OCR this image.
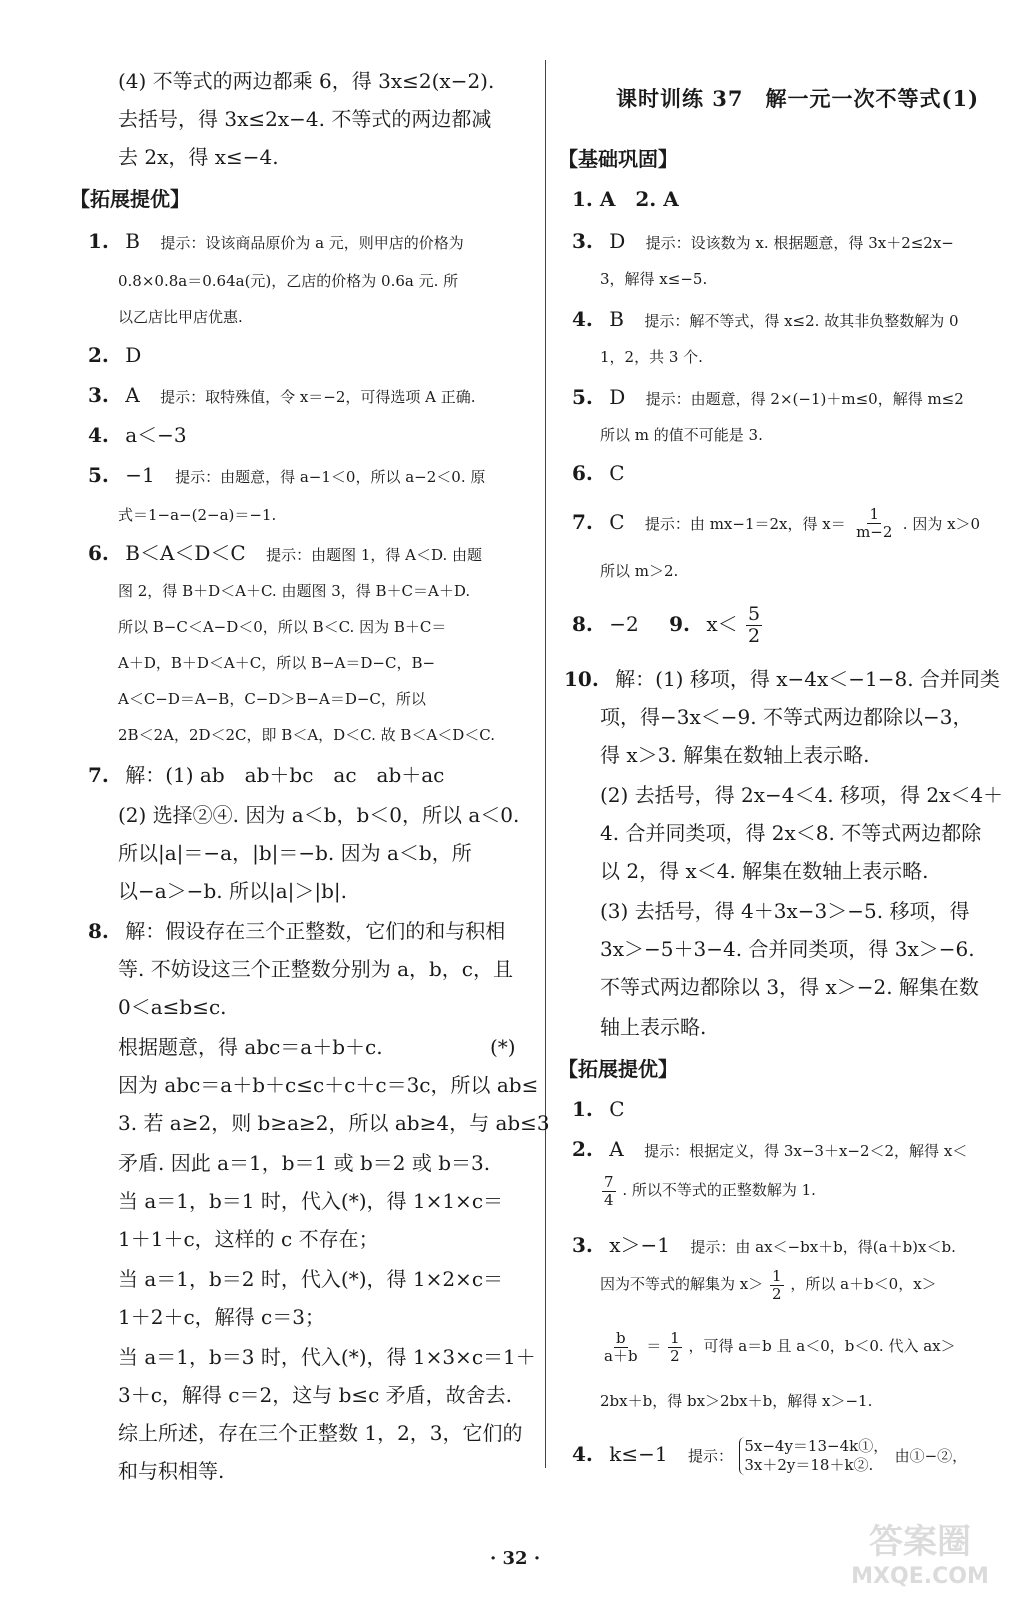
(4) 不等式的两边都乘 6，得 3x≤2(x−2).
去括号，得 3x≤2x−4. 不等式的两边都减
去 2x，得 x≤−4.
【拓展提优】
1. B 提示：设该商品原价为 a 元，则甲店的价格为
0.8×0.8a＝0.64a(元)，乙店的价格为 0.6a 元. 所
以乙店比甲店优惠.
2. D
3. A 提示：取特殊值，令 x＝−2，可得选项 A 正确.
4. a＜−3
5. −1 提示：由题意，得 a−1＜0，所以 a−2＜0. 原
式＝1−a−(2−a)＝−1.
6. B＜A＜D＜C 提示：由题图 1，得 A＜D. 由题
图 2，得 B＋D＜A＋C. 由题图 3，得 B＋C＝A＋D.
所以 B−C＜A−D＜0，所以 B＜C. 因为 B＋C＝
A＋D，B＋D＜A＋C，所以 B−A＝D−C，B−
A＜C−D＝A−B，C−D＞B−A＝D−C，所以
2B＜2A，2D＜2C，即 B＜A，D＜C. 故 B＜A＜D＜C.
7. 解：(1) ab　ab＋bc　ac　ab＋ac
(2) 选择②④. 因为 a＜b，b＜0，所以 a＜0.
所以|a|＝−a，|b|＝−b. 因为 a＜b，所
以−a＞−b. 所以|a|＞|b|.
8. 解：假设存在三个正整数，它们的和与积相
等. 不妨设这三个正整数分别为 a，b，c，且
0＜a≤b≤c.
根据题意，得 abc＝a＋b＋c.	(*)
因为 abc＝a＋b＋c≤c＋c＋c＝3c，所以 ab≤
3. 若 a≥2，则 b≥a≥2，所以 ab≥4，与 ab≤3
矛盾. 因此 a＝1，b＝1 或 b＝2 或 b＝3.
当 a＝1，b＝1 时，代入(*)，得 1×1×c＝
1＋1＋c，这样的 c 不存在；
当 a＝1，b＝2 时，代入(*)，得 1×2×c＝
1＋2＋c，解得 c＝3；
当 a＝1，b＝3 时，代入(*)，得 1×3×c＝1＋
3＋c，解得 c＝2，这与 b≤c 矛盾，故舍去.
综上所述，存在三个正整数 1，2，3，它们的
和与积相等.
课时训练 37　解一元一次不等式(1)
【基础巩固】
1. A　2. A
3. D 提示：设该数为 x. 根据题意，得 3x＋2≤2x−
3，解得 x≤−5.
4. B 提示：解不等式，得 x≤2. 故其非负整数解为 0
1，2，共 3 个.
5. D 提示：由题意，得 2×(−1)＋m≤0，解得 m≤2
所以 m 的值不可能是 3.
6. C
7. C 提示：由 mx−1＝2x，得 $x= \frac{1}{m-2}$ . 因为 x＞0
所以 m＞2.
8. −2 9. $x< \frac{5}{2}$
10. 解：(1) 移项，得 x−4x＜−1−8. 合并同类
项，得−3x＜−9. 不等式两边都除以−3，
得 x＞3. 解集在数轴上表示略.
(2) 去括号，得 2x−4＜4. 移项，得 2x＜4＋
4. 合并同类项，得 2x＜8. 不等式两边都除
以 2，得 x＜4. 解集在数轴上表示略.
(3) 去括号，得 4＋3x−3＞−5. 移项，得
3x＞−5＋3−4. 合并同类项，得 3x＞−6.
不等式两边都除以 3，得 x＞−2. 解集在数
轴上表示略.
【拓展提优】
1. C
2. A 提示：根据定义，得 3x−3＋x−2＜2，解得 x＜
$\frac{7}{4}$ . 所以不等式的正整数解为 1.
3. x＞−1 提示：由 ax＜−bx＋b，得(a＋b)x＜b.
因为不等式的解集为 $x> \frac{1}{2}$ ，所以 a＋b＜0，x＞
$\frac{b}{a+b} = \frac{1}{2}$ ，可得 a＝b 且 a＜0，b＜0. 代入 ax＞
2bx＋b，得 bx＞2bx＋b，解得 x＞−1.
4. k≤−1 提示：
5x−4y＝13−4k①，
3x＋2y＝18＋k②.	由①−②，
· 32 ·	答案圈
MXQE.COM
